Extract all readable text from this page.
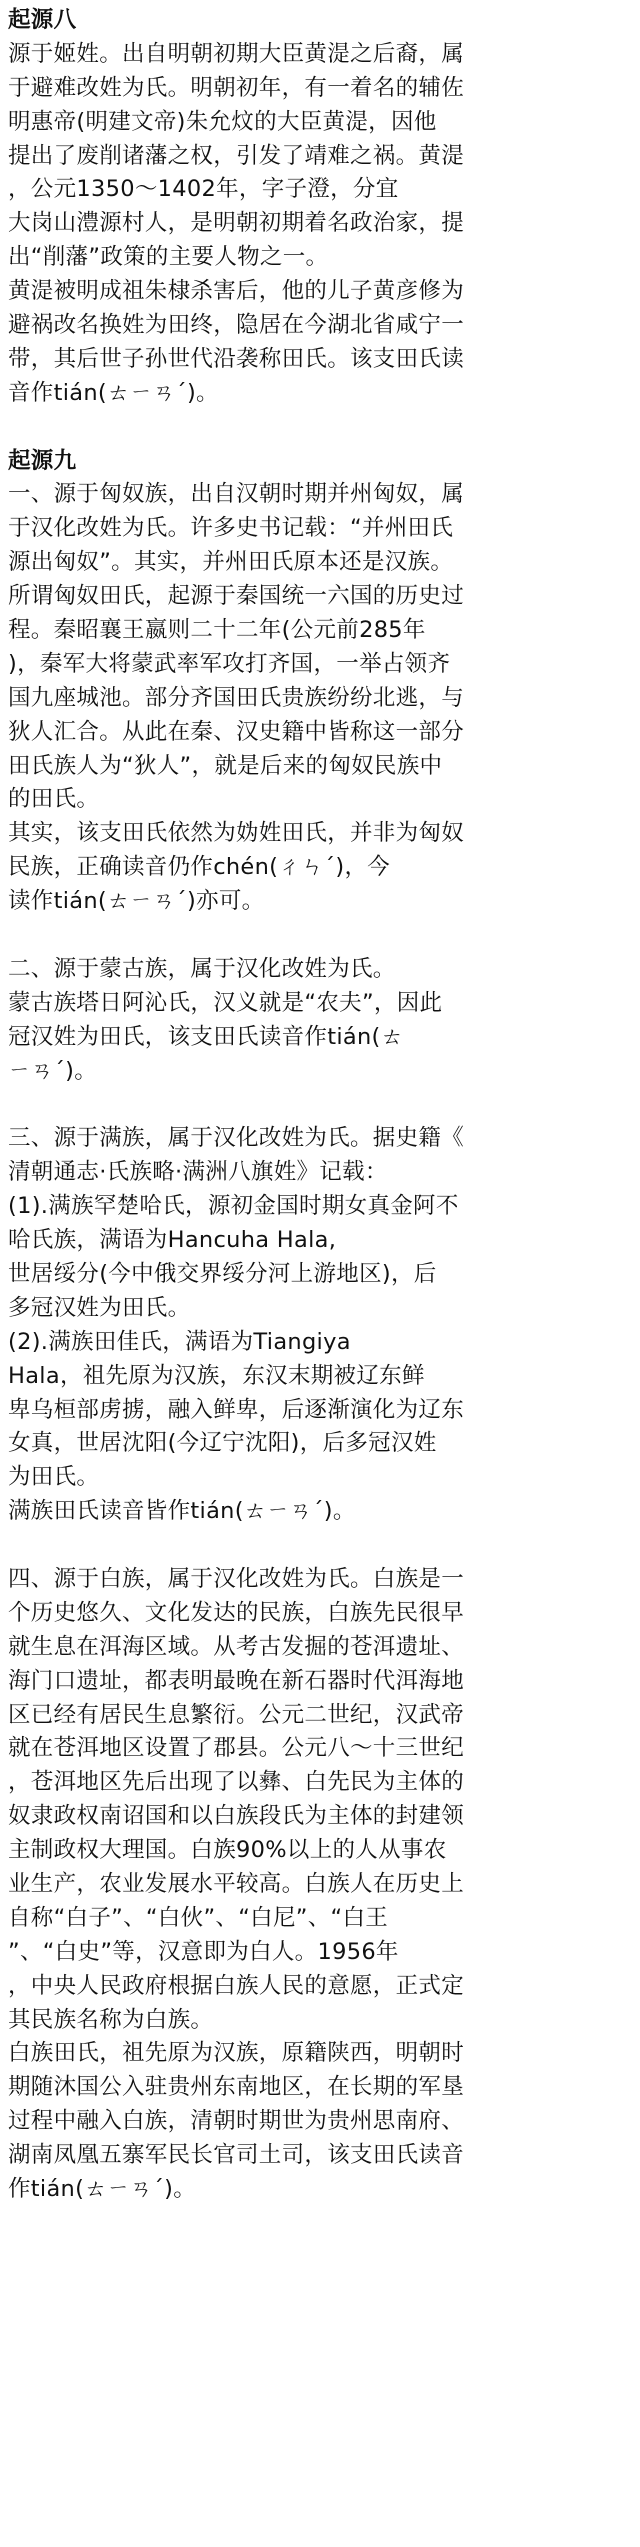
起源八
源于姬姓。出自明朝初期大臣黄湜之后裔，属
于避难改姓为氏。明朝初年，有一着名的辅佐
明惠帝(明建文帝)朱允炆的大臣黄湜，因他
提出了废削诸藩之权，引发了靖难之祸。黄湜
，公元1350～1402年，字子澄，分宜
大岗山澧源村人，是明朝初期着名政治家，提
出“削藩”政策的主要人物之一。
黄湜被明成祖朱棣杀害后，他的儿子黄彦修为
避祸改名换姓为田终，隐居在今湖北省咸宁一
带，其后世子孙世代沿袭称田氏。该支田氏读
音作tián(ㄊㄧㄢˊ)。
起源九
一、源于匈奴族，出自汉朝时期并州匈奴，属
于汉化改姓为氏。许多史书记载：“并州田氏
源出匈奴”。其实，并州田氏原本还是汉族。
所谓匈奴田氏，起源于秦国统一六国的历史过
程。秦昭襄王嬴则二十二年(公元前285年
)，秦军大将蒙武率军攻打齐国，一举占领齐
国九座城池。部分齐国田氏贵族纷纷北逃，与
狄人汇合。从此在秦、汉史籍中皆称这一部分
田氏族人为“狄人”，就是后来的匈奴民族中
的田氏。
其实，该支田氏依然为妫姓田氏，并非为匈奴
民族，正确读音仍作chén(ㄔㄣˊ)，今
读作tián(ㄊㄧㄢˊ)亦可。
二、源于蒙古族，属于汉化改姓为氏。
蒙古族塔日阿沁氏，汉义就是“农夫”，因此
冠汉姓为田氏，该支田氏读音作tián(ㄊ
ㄧㄢˊ)。
三、源于满族，属于汉化改姓为氏。据史籍《
清朝通志·氏族略·满洲八旗姓》记载：
(1).满族罕楚哈氏，源初金国时期女真金阿不
哈氏族，满语为Hancuha Hala,
世居绥分(今中俄交界绥分河上游地区)，后
多冠汉姓为田氏。
(2).满族田佳氏，满语为Tiangiya
Hala，祖先原为汉族，东汉末期被辽东鲜
卑乌桓部虏掳，融入鲜卑，后逐渐演化为辽东
女真，世居沈阳(今辽宁沈阳)，后多冠汉姓
为田氏。
满族田氏读音皆作tián(ㄊㄧㄢˊ)。
四、源于白族，属于汉化改姓为氏。白族是一
个历史悠久、文化发达的民族，白族先民很早
就生息在洱海区域。从考古发掘的苍洱遗址、
海门口遗址，都表明最晚在新石器时代洱海地
区已经有居民生息繁衍。公元二世纪，汉武帝
就在苍洱地区设置了郡县。公元八～十三世纪
，苍洱地区先后出现了以彝、白先民为主体的
奴隶政权南诏国和以白族段氏为主体的封建领
主制政权大理国。白族90%以上的人从事农
业生产，农业发展水平较高。白族人在历史上
自称“白子”、“白伙”、“白尼”、“白王
”、“白史”等，汉意即为白人。1956年
，中央人民政府根据白族人民的意愿，正式定
其民族名称为白族。
白族田氏，祖先原为汉族，原籍陕西，明朝时
期随沐国公入驻贵州东南地区，在长期的军垦
过程中融入白族，清朝时期世为贵州思南府、
湖南凤凰五寨军民长官司土司，该支田氏读音
作tián(ㄊㄧㄢˊ)。
